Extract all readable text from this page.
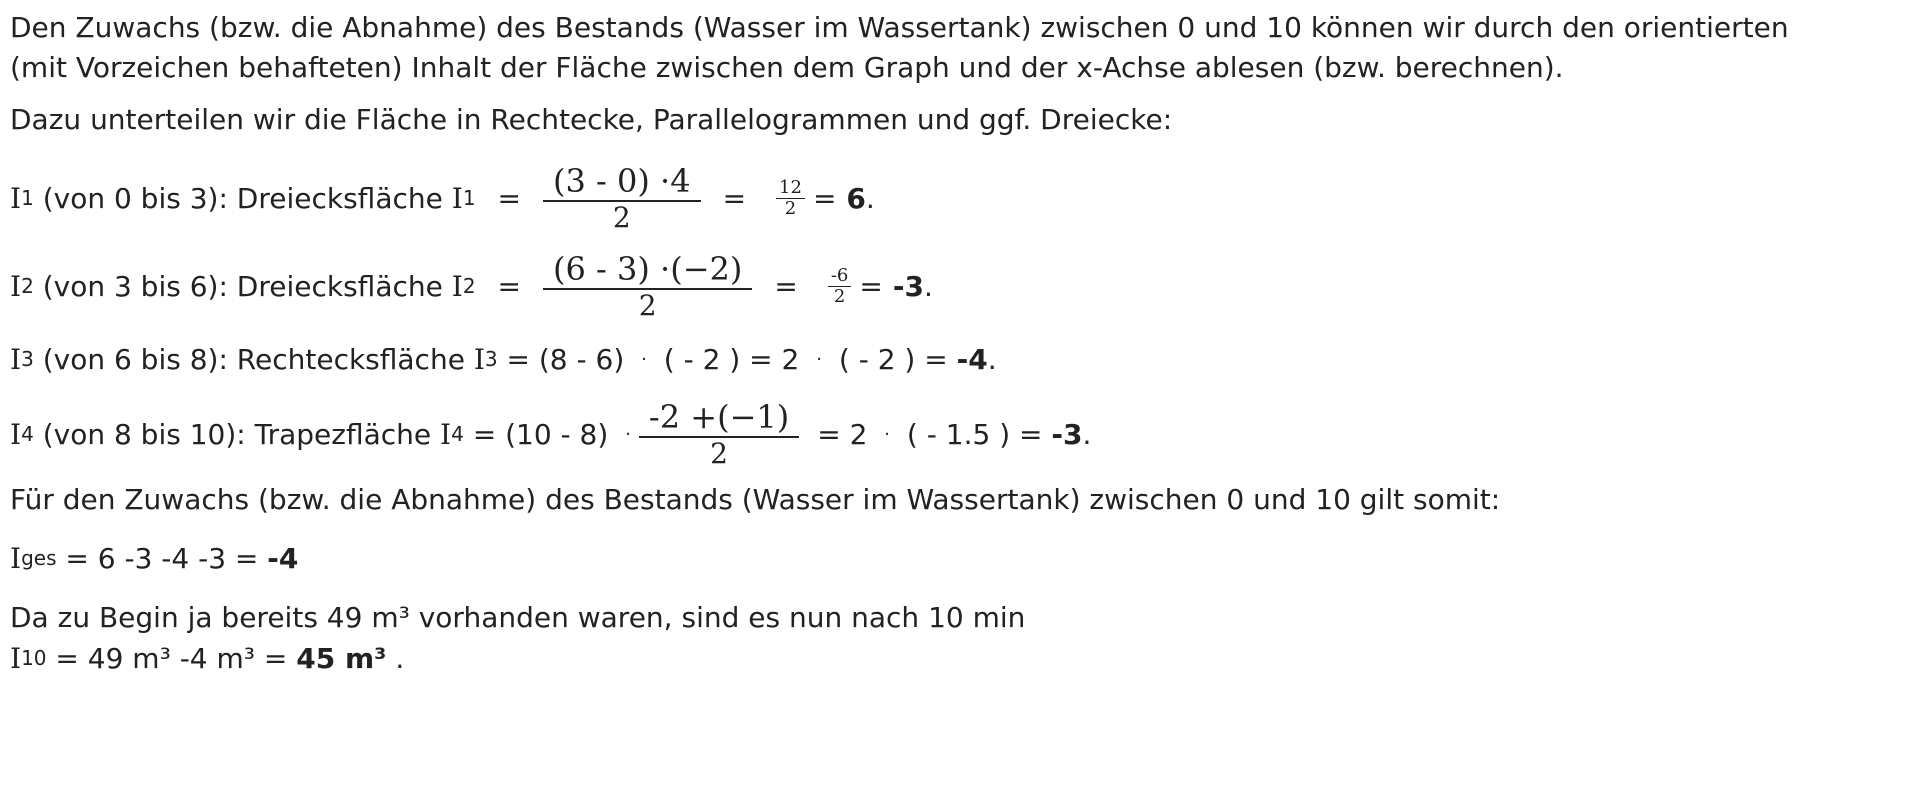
Den Zuwachs (bzw. die Abnahme) des Bestands (Wasser im Wassertank) zwischen 0 und 10 können wir durch den orientierten
(mit Vorzeichen behafteten) Inhalt der Fläche zwischen dem Graph und der x-Achse ablesen (bzw. berechnen).

Dazu unterteilen wir die Fläche in Rechtecke, Parallelogrammen und ggf. Dreiecke:

I 1 (von 0 bis 3): Dreiecksfläche I $1 = \frac{(3 - 0) \cdot 4}{2} = 12$
2 = 6 .
I 2 (von 3 bis 6): Dreiecksfläche I $2 = \frac{(6 - 3) \cdot(-2)}{2} = -6$
2 = -3 .
I 3 (von 6 bis 8): Rechtecksfläche I 3 = (8 - 6) · ( - 2 ) = 2 · ( - 2 ) = -4 .
I 4 (von 8 bis 10): Trapezfläche I $4 = (10 - 8) \cdot \frac{-2 +(-1)}{2} = 2$ · ( - 1.5 ) = -3 .

Für den Zuwachs (bzw. die Abnahme) des Bestands (Wasser im Wassertank) zwischen 0 und 10 gilt somit:

I ges = 6 -3 -4 -3 = -4

Da zu Begin ja bereits 49 m³ vorhanden waren, sind es nun nach 10 min

I 10 = 49 m³ -4 m³ = 45 m³ .
